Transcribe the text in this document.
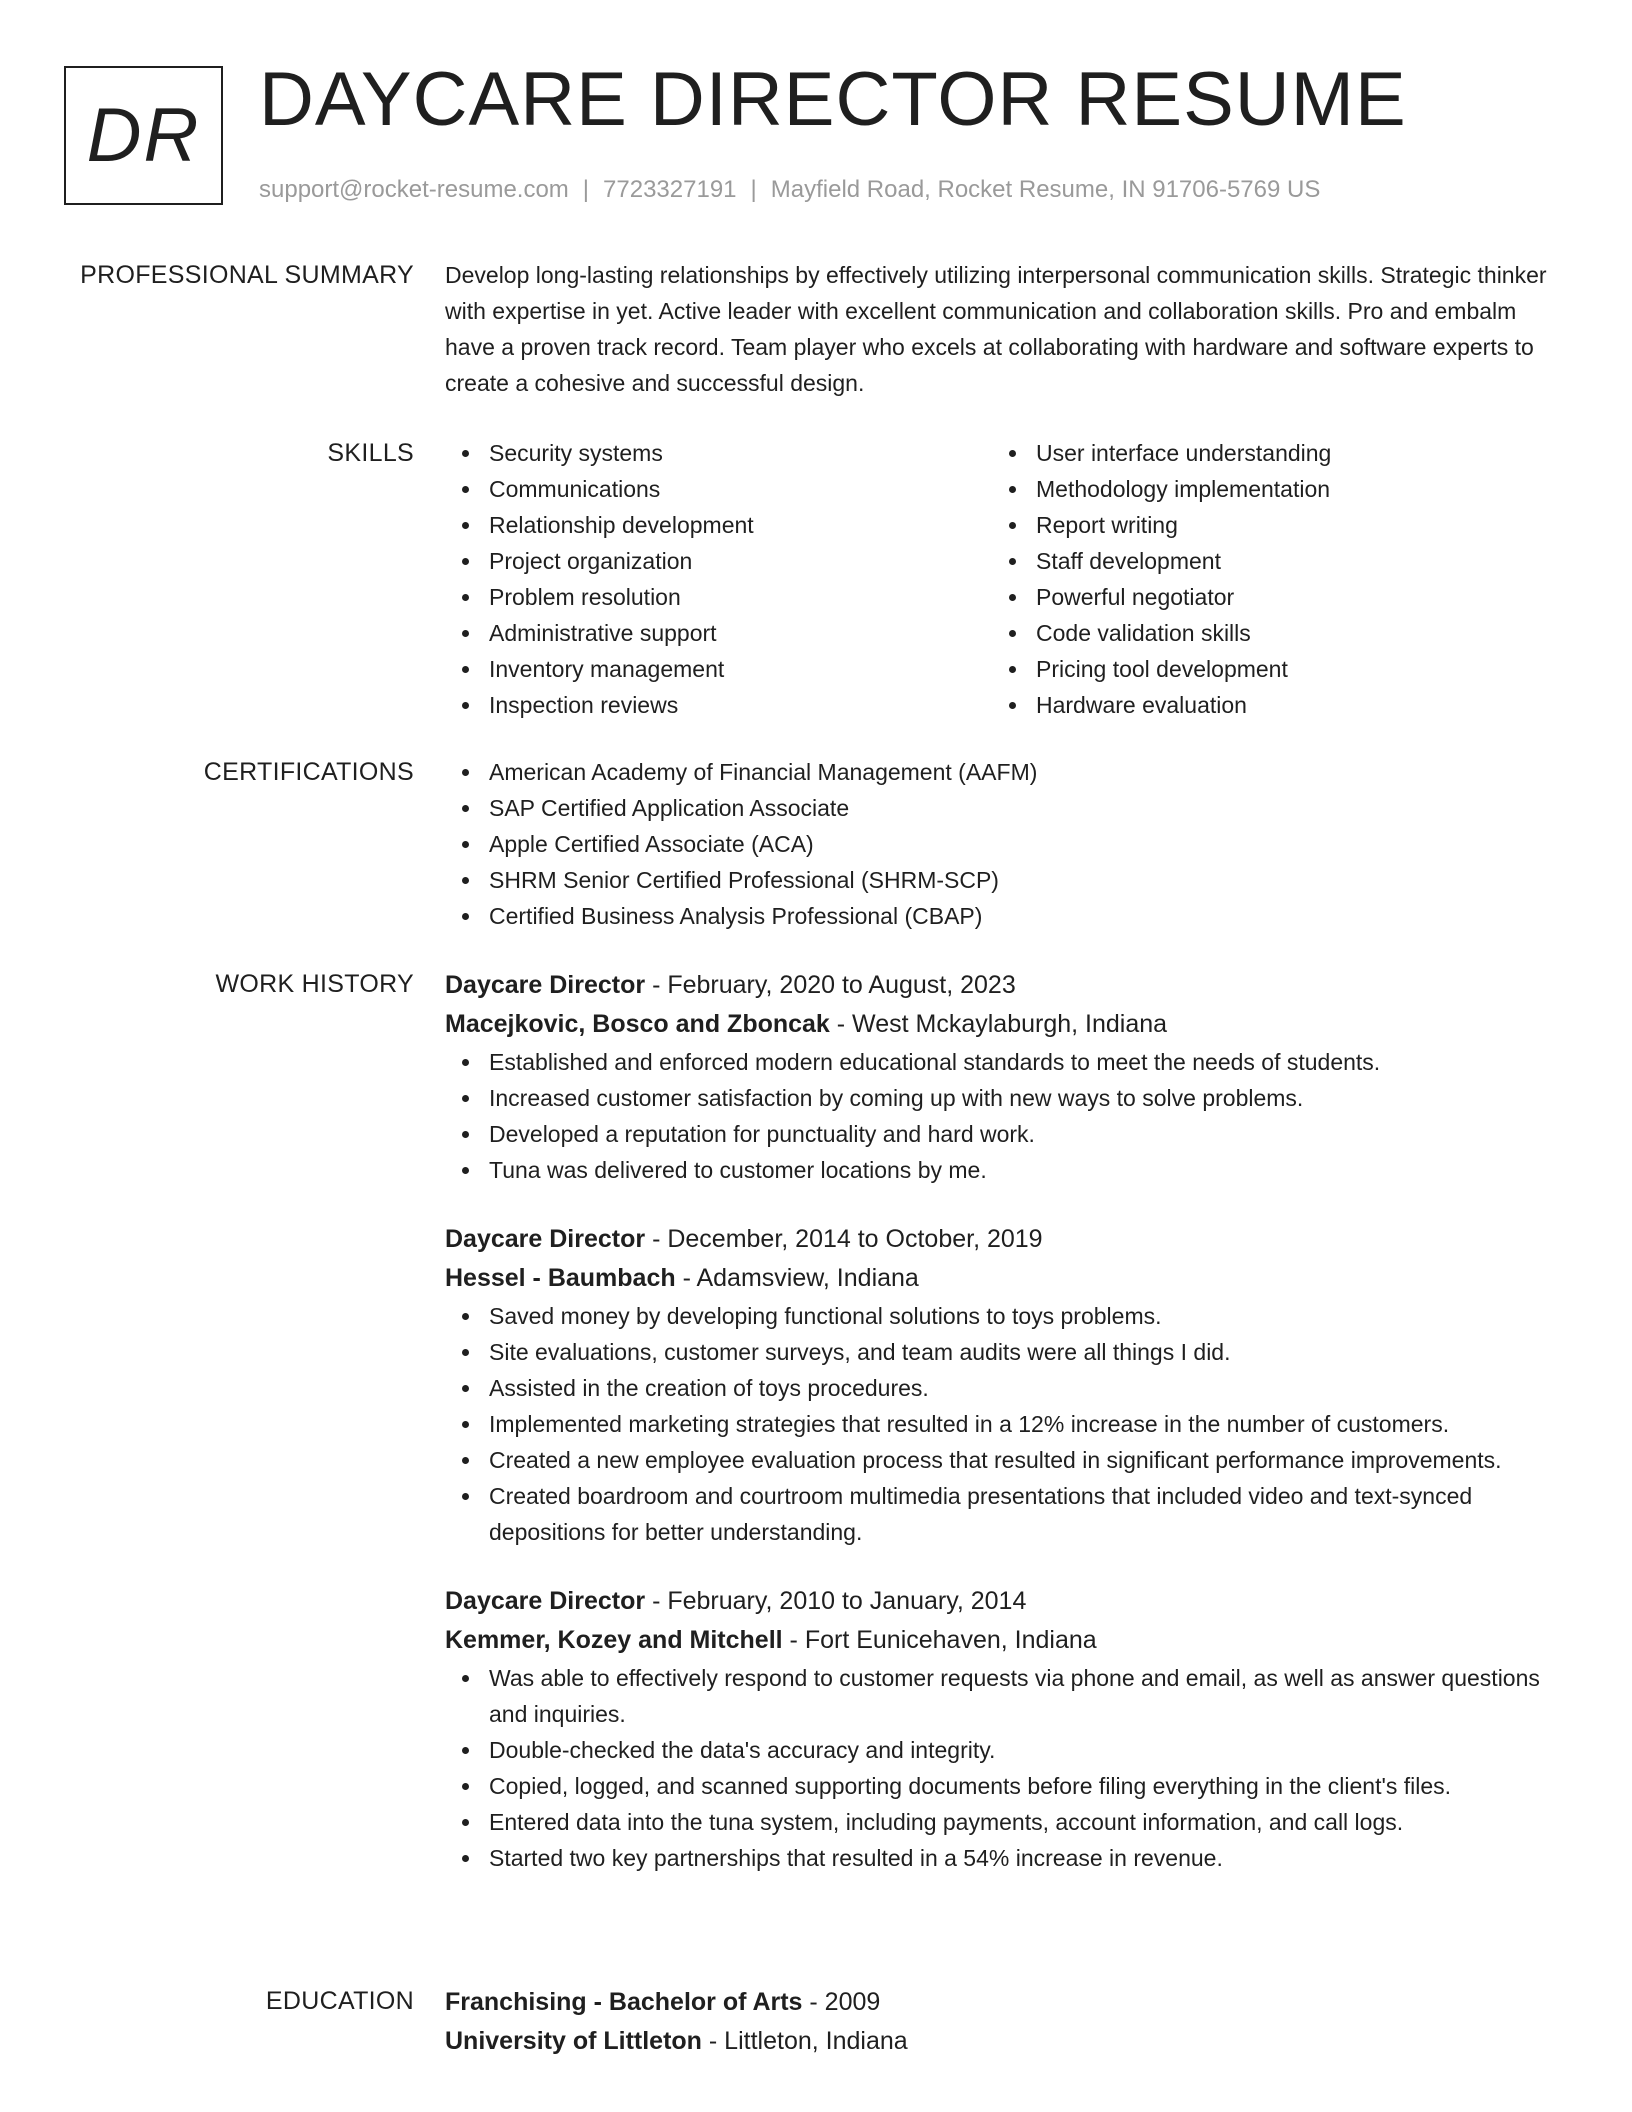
DR DAYCARE DIRECTOR RESUME
support@rocket-resume.com | 7723327191 | Mayfield Road, Rocket Resume, IN 91706-5769 US
PROFESSIONAL SUMMARY Develop long-lasting relationships by effectively utilizing interpersonal communication skills. Strategic thinker with expertise in yet. Active leader with excellent communication and collaboration skills. Pro and embalm have a proven track record. Team player who excels at collaborating with hardware and software experts to create a cohesive and successful design.

SKILLS	Security systems
Communications
Relationship development
Project organization
Problem resolution
Administrative support
Inventory management
Inspection reviews
User interface understanding
Methodology implementation
Report writing
Staff development
Powerful negotiator
Code validation skills
Pricing tool development
Hardware evaluation
CERTIFICATIONS	American Academy of Financial Management (AAFM)
SAP Certified Application Associate
Apple Certified Associate (ACA)
SHRM Senior Certified Professional (SHRM-SCP)
Certified Business Analysis Professional (CBAP)
WORK HISTORY Daycare Director - February, 2020 to August, 2023
Macejkovic, Bosco and Zboncak - West Mckaylaburgh, Indiana
Established and enforced modern educational standards to meet the needs of students.
Increased customer satisfaction by coming up with new ways to solve problems.
Developed a reputation for punctuality and hard work.
Tuna was delivered to customer locations by me.
Daycare Director - December, 2014 to October, 2019
Hessel - Baumbach - Adamsview, Indiana
Saved money by developing functional solutions to toys problems.
Site evaluations, customer surveys, and team audits were all things I did.
Assisted in the creation of toys procedures.
Implemented marketing strategies that resulted in a 12% increase in the number of customers.
Created a new employee evaluation process that resulted in significant performance improvements.
Created boardroom and courtroom multimedia presentations that included video and text-synced depositions for better understanding.
Daycare Director - February, 2010 to January, 2014
Kemmer, Kozey and Mitchell - Fort Eunicehaven, Indiana
Was able to effectively respond to customer requests via phone and email, as well as answer questions and inquiries.
Double-checked the data's accuracy and integrity.
Copied, logged, and scanned supporting documents before filing everything in the client's files.
Entered data into the tuna system, including payments, account information, and call logs.
Started two key partnerships that resulted in a 54% increase in revenue.
EDUCATION Franchising - Bachelor of Arts - 2009
University of Littleton - Littleton, Indiana
